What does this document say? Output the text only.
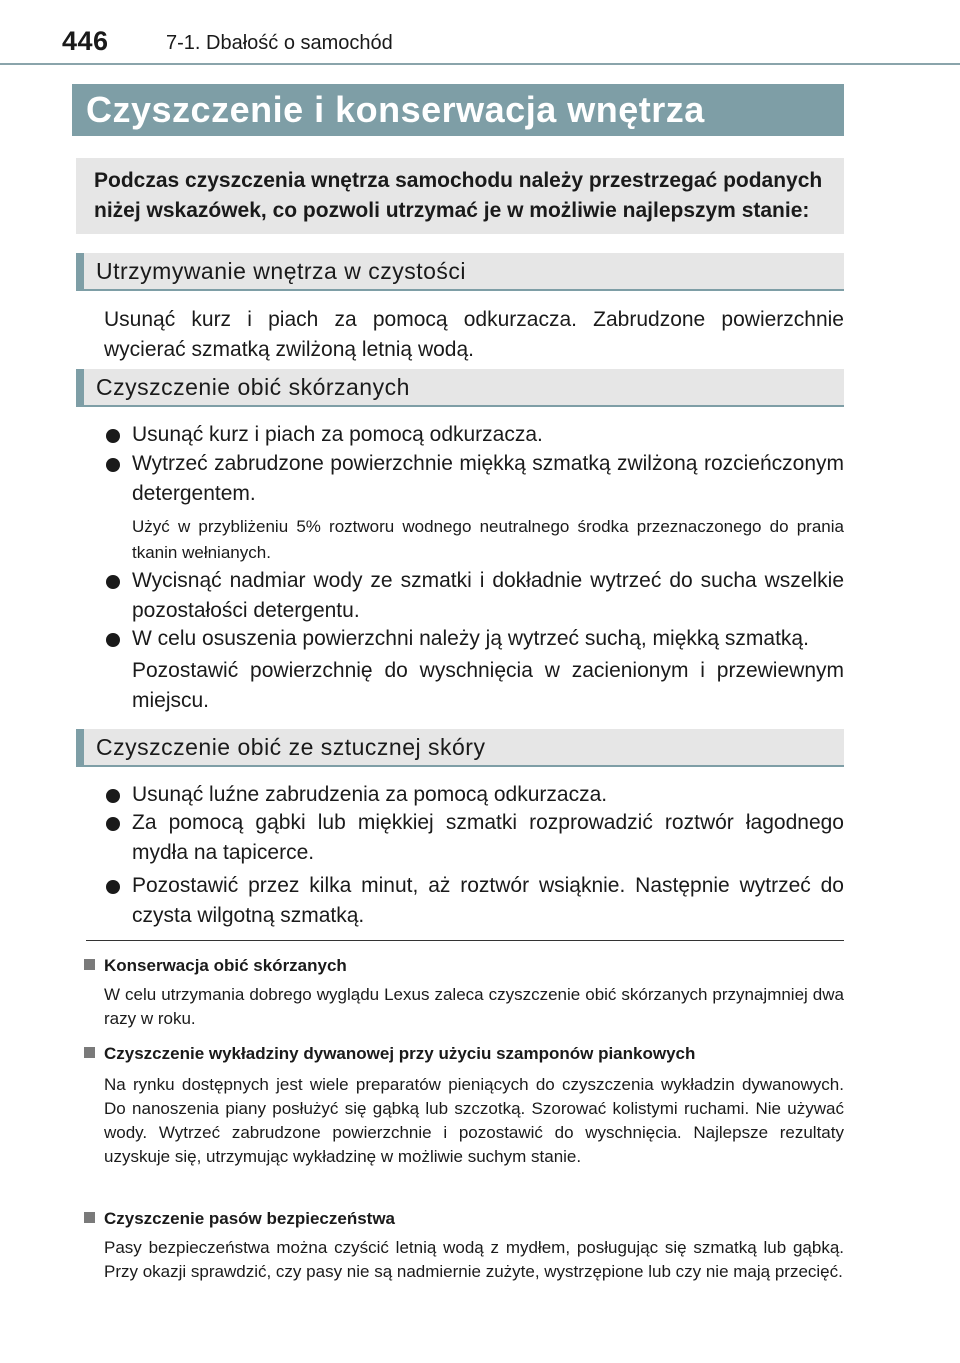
446	7-1. Dbałość o samochód
Czyszczenie i konserwacja wnętrza
Podczas czyszczenia wnętrza samochodu należy przestrzegać podanych niżej wskazówek, co pozwoli utrzymać je w możliwie najlepszym stanie:
Utrzymywanie wnętrza w czystości
Usunąć kurz i piach za pomocą odkurzacza. Zabrudzone powierzchnie wycierać szmatką zwilżoną letnią wodą.
Czyszczenie obić skórzanych
Usunąć kurz i piach za pomocą odkurzacza.
Wytrzeć zabrudzone powierzchnie miękką szmatką zwilżoną rozcieńczonym detergentem.
Użyć w przybliżeniu 5% roztworu wodnego neutralnego środka przeznaczonego do prania tkanin wełnianych.
Wycisnąć nadmiar wody ze szmatki i dokładnie wytrzeć do sucha wszelkie pozostałości detergentu.
W celu osuszenia powierzchni należy ją wytrzeć suchą, miękką szmatką.
Pozostawić powierzchnię do wyschnięcia w zacienionym i przewiewnym miejscu.
Czyszczenie obić ze sztucznej skóry
Usunąć luźne zabrudzenia za pomocą odkurzacza.
Za pomocą gąbki lub miękkiej szmatki rozprowadzić roztwór łagodnego mydła na tapicerce.
Pozostawić przez kilka minut, aż roztwór wsiąknie. Następnie wytrzeć do czysta wilgotną szmatką.
Konserwacja obić skórzanych
W celu utrzymania dobrego wyglądu Lexus zaleca czyszczenie obić skórzanych przynajmniej dwa razy w roku.
Czyszczenie wykładziny dywanowej przy użyciu szamponów piankowych
Na rynku dostępnych jest wiele preparatów pieniących do czyszczenia wykładzin dywanowych. Do nanoszenia piany posłużyć się gąbką lub szczotką. Szorować kolistymi ruchami. Nie używać wody. Wytrzeć zabrudzone powierzchnie i pozostawić do wyschnięcia. Najlepsze rezultaty uzyskuje się, utrzymując wykładzinę w możliwie suchym stanie.
Czyszczenie pasów bezpieczeństwa
Pasy bezpieczeństwa można czyścić letnią wodą z mydłem, posługując się szmatką lub gąbką. Przy okazji sprawdzić, czy pasy nie są nadmiernie zużyte, wystrzępione lub czy nie mają przecięć.
